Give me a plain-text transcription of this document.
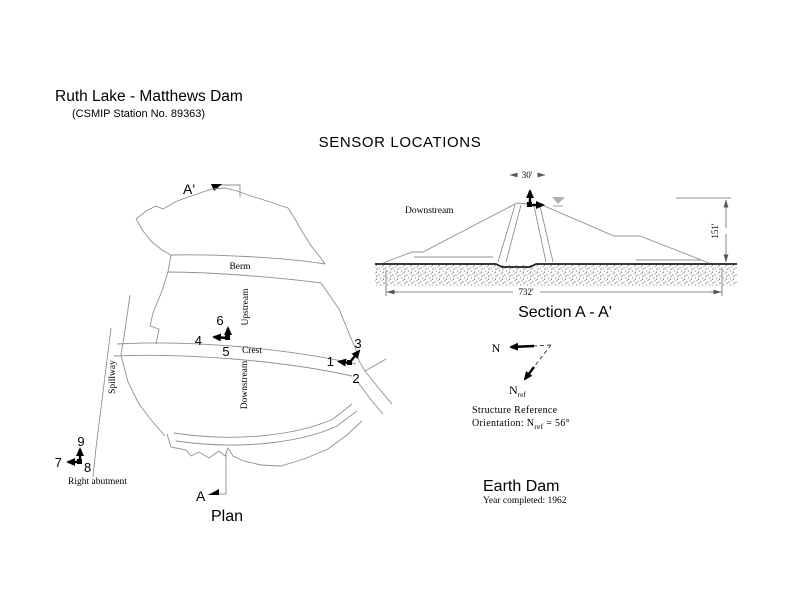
Ruth Lake - Matthews Dam
(CSMIP Station No. 89363)
SENSOR LOCATIONS
A'
Berm
Upstream
Crest
Downstream
Spillway
6
4
5
3
1
2
9
7 8
Right abutment
A
Plan
30'
151'
732'
Downstream
Section A - A'
N
Nref
Structure Reference
Orientation: $N_{ref} = 56^\circ$
Earth Dam
Year completed: 1962
